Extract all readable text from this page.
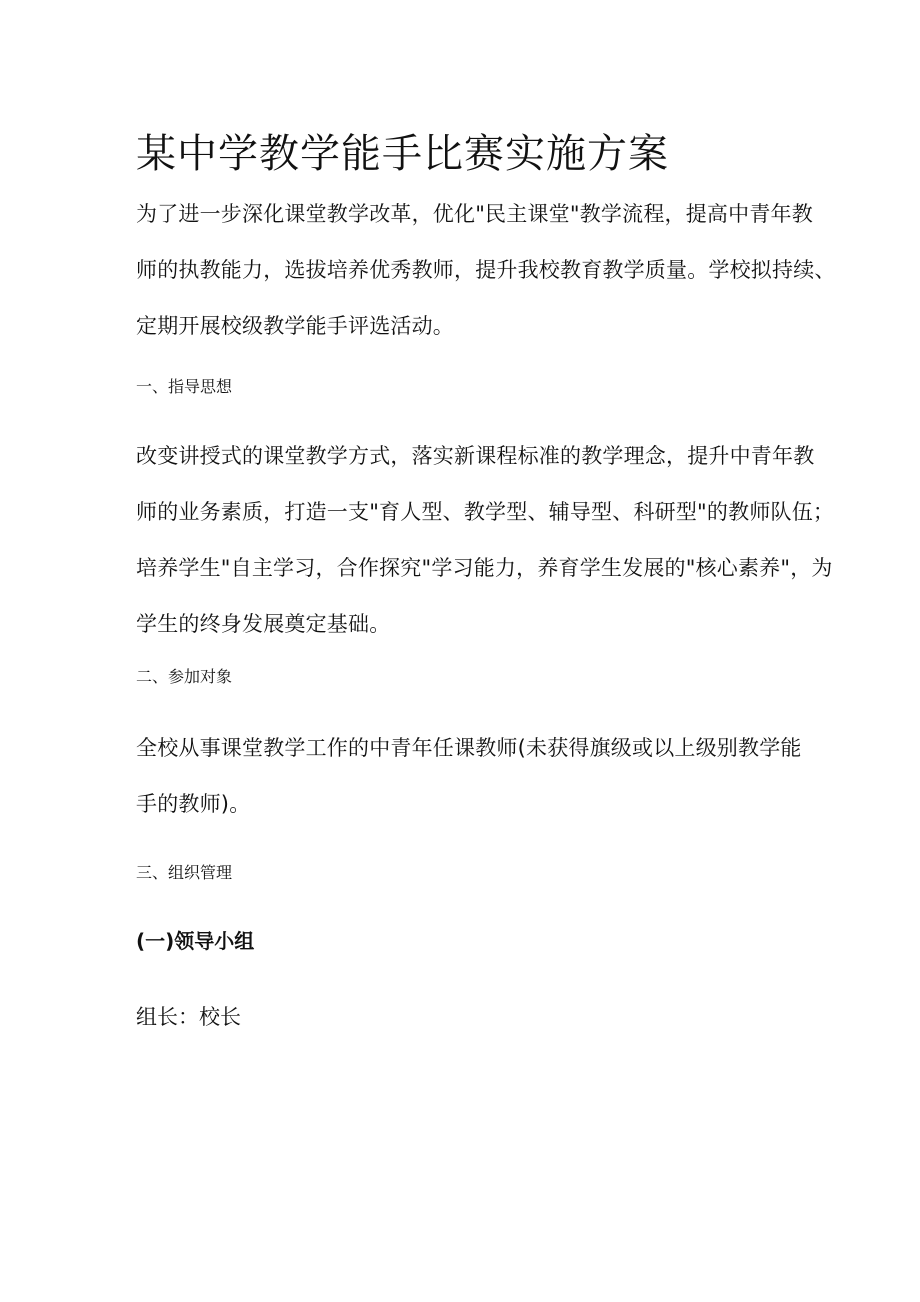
某中学教学能手比赛实施方案

为了进一步深化课堂教学改革，优化"民主课堂"教学流程，提高中青年教
师的执教能力，选拔培养优秀教师，提升我校教育教学质量。学校拟持续、
定期开展校级教学能手评选活动。

一、指导思想

改变讲授式的课堂教学方式，落实新课程标准的教学理念，提升中青年教
师的业务素质，打造一支"育人型、教学型、辅导型、科研型"的教师队伍；
培养学生"自主学习，合作探究"学习能力，养育学生发展的"核心素养"，为
学生的终身发展奠定基础。

二、参加对象

全校从事课堂教学工作的中青年任课教师(未获得旗级或以上级别教学能
手的教师)。

三、组织管理
(一)领导小组

组长：校长
